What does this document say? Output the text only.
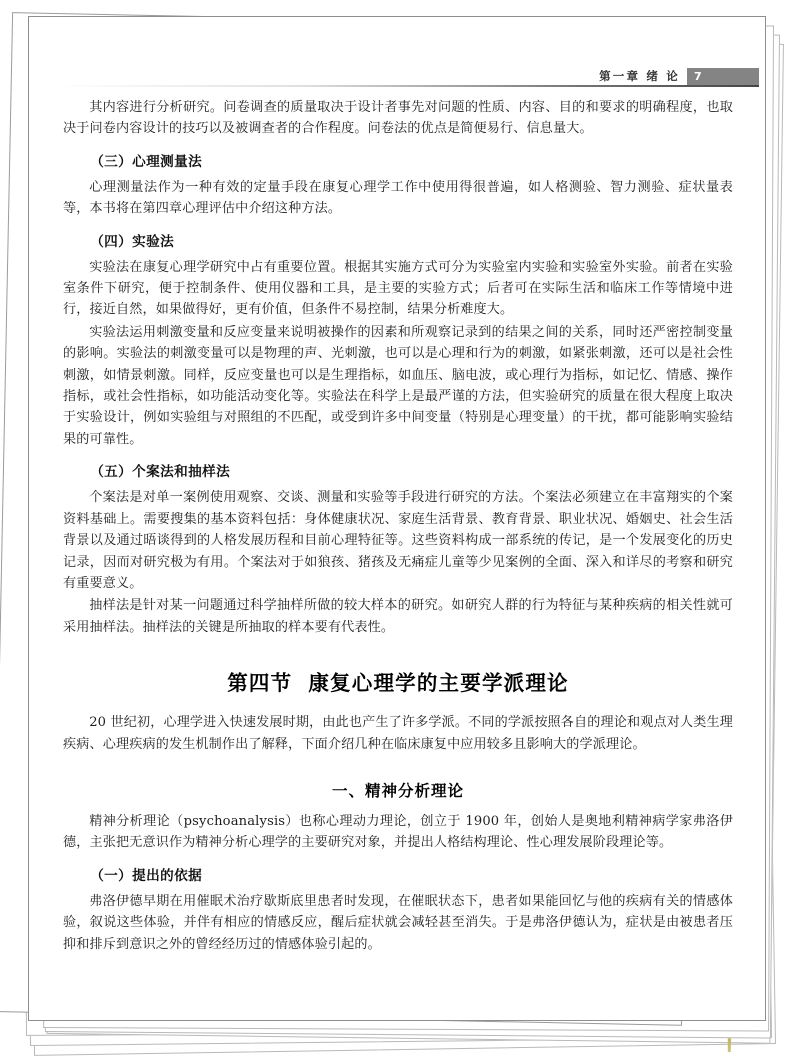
第一章 绪 论	7

其内容进行分析研究。问卷调查的质量取决于设计者事先对问题的性质、内容、目的和要求的明确程度，也取决于问卷内容设计的技巧以及被调查者的合作程度。问卷法的优点是简便易行、信息量大。

（三）心理测量法

心理测量法作为一种有效的定量手段在康复心理学工作中使用得很普遍，如人格测验、智力测验、症状量表等，本书将在第四章心理评估中介绍这种方法。

（四）实验法

实验法在康复心理学研究中占有重要位置。根据其实施方式可分为实验室内实验和实验室外实验。前者在实验室条件下研究，便于控制条件、使用仪器和工具，是主要的实验方式；后者可在实际生活和临床工作等情境中进行，接近自然，如果做得好，更有价值，但条件不易控制，结果分析难度大。

实验法运用刺激变量和反应变量来说明被操作的因素和所观察记录到的结果之间的关系，同时还严密控制变量的影响。实验法的刺激变量可以是物理的声、光刺激，也可以是心理和行为的刺激，如紧张刺激，还可以是社会性刺激，如情景刺激。同样，反应变量也可以是生理指标，如血压、脑电波，或心理行为指标，如记忆、情感、操作指标，或社会性指标，如功能活动变化等。实验法在科学上是最严谨的方法，但实验研究的质量在很大程度上取决于实验设计，例如实验组与对照组的不匹配，或受到许多中间变量（特别是心理变量）的干扰，都可能影响实验结果的可靠性。

（五）个案法和抽样法

个案法是对单一案例使用观察、交谈、测量和实验等手段进行研究的方法。个案法必须建立在丰富翔实的个案资料基础上。需要搜集的基本资料包括：身体健康状况、家庭生活背景、教育背景、职业状况、婚姻史、社会生活背景以及通过晤谈得到的人格发展历程和目前心理特征等。这些资料构成一部系统的传记，是一个发展变化的历史记录，因而对研究极为有用。个案法对于如狼孩、猪孩及无痛症儿童等少见案例的全面、深入和详尽的考察和研究有重要意义。

抽样法是针对某一问题通过科学抽样所做的较大样本的研究。如研究人群的行为特征与某种疾病的相关性就可采用抽样法。抽样法的关键是所抽取的样本要有代表性。

第四节 康复心理学的主要学派理论

20 世纪初，心理学进入快速发展时期，由此也产生了许多学派。不同的学派按照各自的理论和观点对人类生理疾病、心理疾病的发生机制作出了解释，下面介绍几种在临床康复中应用较多且影响大的学派理论。

一、精神分析理论

精神分析理论（psychoanalysis）也称心理动力理论，创立于 1900 年，创始人是奥地利精神病学家弗洛伊德，主张把无意识作为精神分析心理学的主要研究对象，并提出人格结构理论、性心理发展阶段理论等。

（一）提出的依据

弗洛伊德早期在用催眠术治疗歇斯底里患者时发现，在催眠状态下，患者如果能回忆与他的疾病有关的情感体验，叙说这些体验，并伴有相应的情感反应，醒后症状就会减轻甚至消失。于是弗洛伊德认为，症状是由被患者压抑和排斥到意识之外的曾经经历过的情感体验引起的。
